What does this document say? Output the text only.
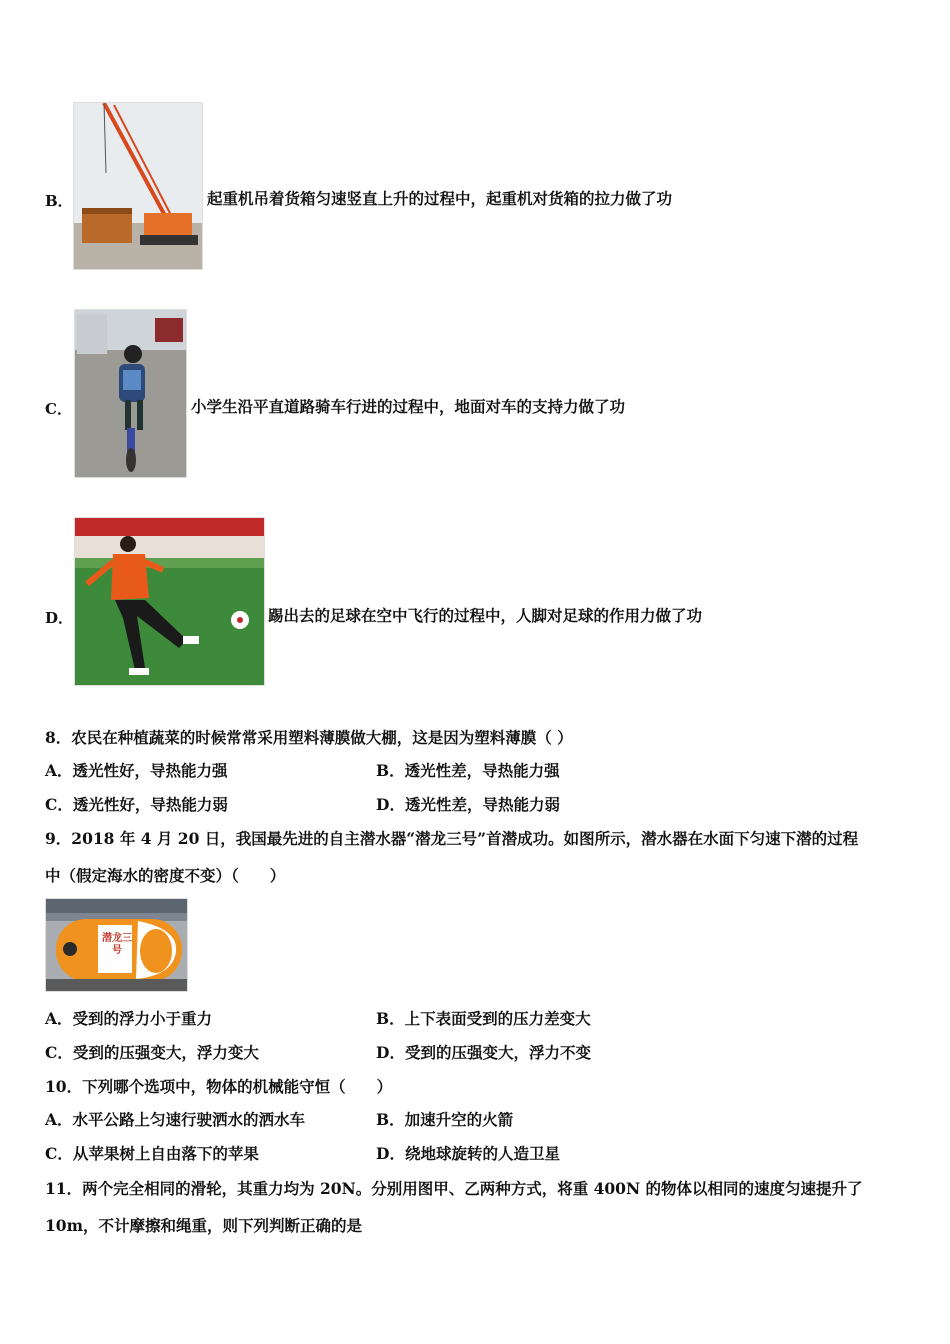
B．	起重机吊着货箱匀速竖直上升的过程中，起重机对货箱的拉力做了功
C．	小学生沿平直道路骑车行进的过程中，地面对车的支持力做了功
D．	踢出去的足球在空中飞行的过程中，人脚对足球的作用力做了功
8．农民在种植蔬菜的时候常常采用塑料薄膜做大棚，这是因为塑料薄膜（ ）
A．透光性好，导热能力强	B．透光性差，导热能力强
C．透光性好，导热能力弱	D．透光性差，导热能力弱
9．2018 年 4 月 20 日，我国最先进的自主潜水器“潜龙三号”首潜成功。如图所示，潜水器在水面下匀速下潜的过程
中（假定海水的密度不变）（　　）
潜龙三号
A．受到的浮力小于重力	B．上下表面受到的压力差变大
C．受到的压强变大，浮力变大	D．受到的压强变大，浮力不变
10．下列哪个选项中，物体的机械能守恒（　　）
A．水平公路上匀速行驶洒水的洒水车	B．加速升空的火箭
C．从苹果树上自由落下的苹果	D．绕地球旋转的人造卫星
11．两个完全相同的滑轮，其重力均为 20N。分别用图甲、乙两种方式，将重 400N 的物体以相同的速度匀速提升了
10m，不计摩擦和绳重，则下列判断正确的是
